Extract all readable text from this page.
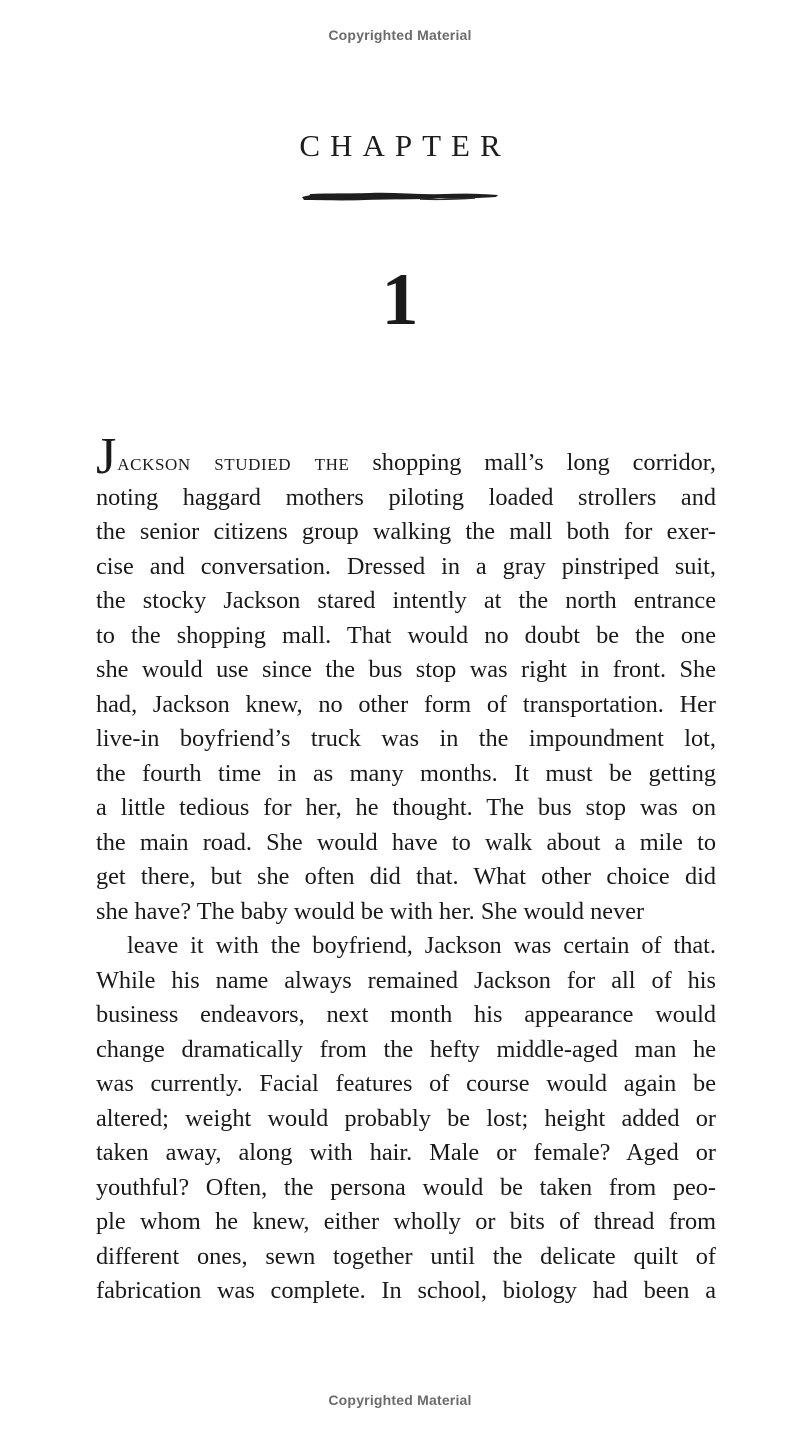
Copyrighted Material
CHAPTER
1

Jackson studied the shopping mall’s long corridor,

noting haggard mothers piloting loaded strollers and

the senior citizens group walking the mall both for exer-

cise and conversation. Dressed in a gray pinstriped suit,

the stocky Jackson stared intently at the north entrance

to the shopping mall. That would no doubt be the one

she would use since the bus stop was right in front. She

had, Jackson knew, no other form of transportation. Her

live-in boyfriend’s truck was in the impoundment lot,

the fourth time in as many months. It must be getting

a little tedious for her, he thought. The bus stop was on

the main road. She would have to walk about a mile to

get there, but she often did that. What other choice did

she have? The baby would be with her. She would never

leave it with the boyfriend, Jackson was certain of that.

While his name always remained Jackson for all of his

business endeavors, next month his appearance would

change dramatically from the hefty middle-aged man he

was currently. Facial features of course would again be

altered; weight would probably be lost; height added or

taken away, along with hair. Male or female? Aged or

youthful? Often, the persona would be taken from peo-

ple whom he knew, either wholly or bits of thread from

different ones, sewn together until the delicate quilt of

fabrication was complete. In school, biology had been a

Copyrighted Material
